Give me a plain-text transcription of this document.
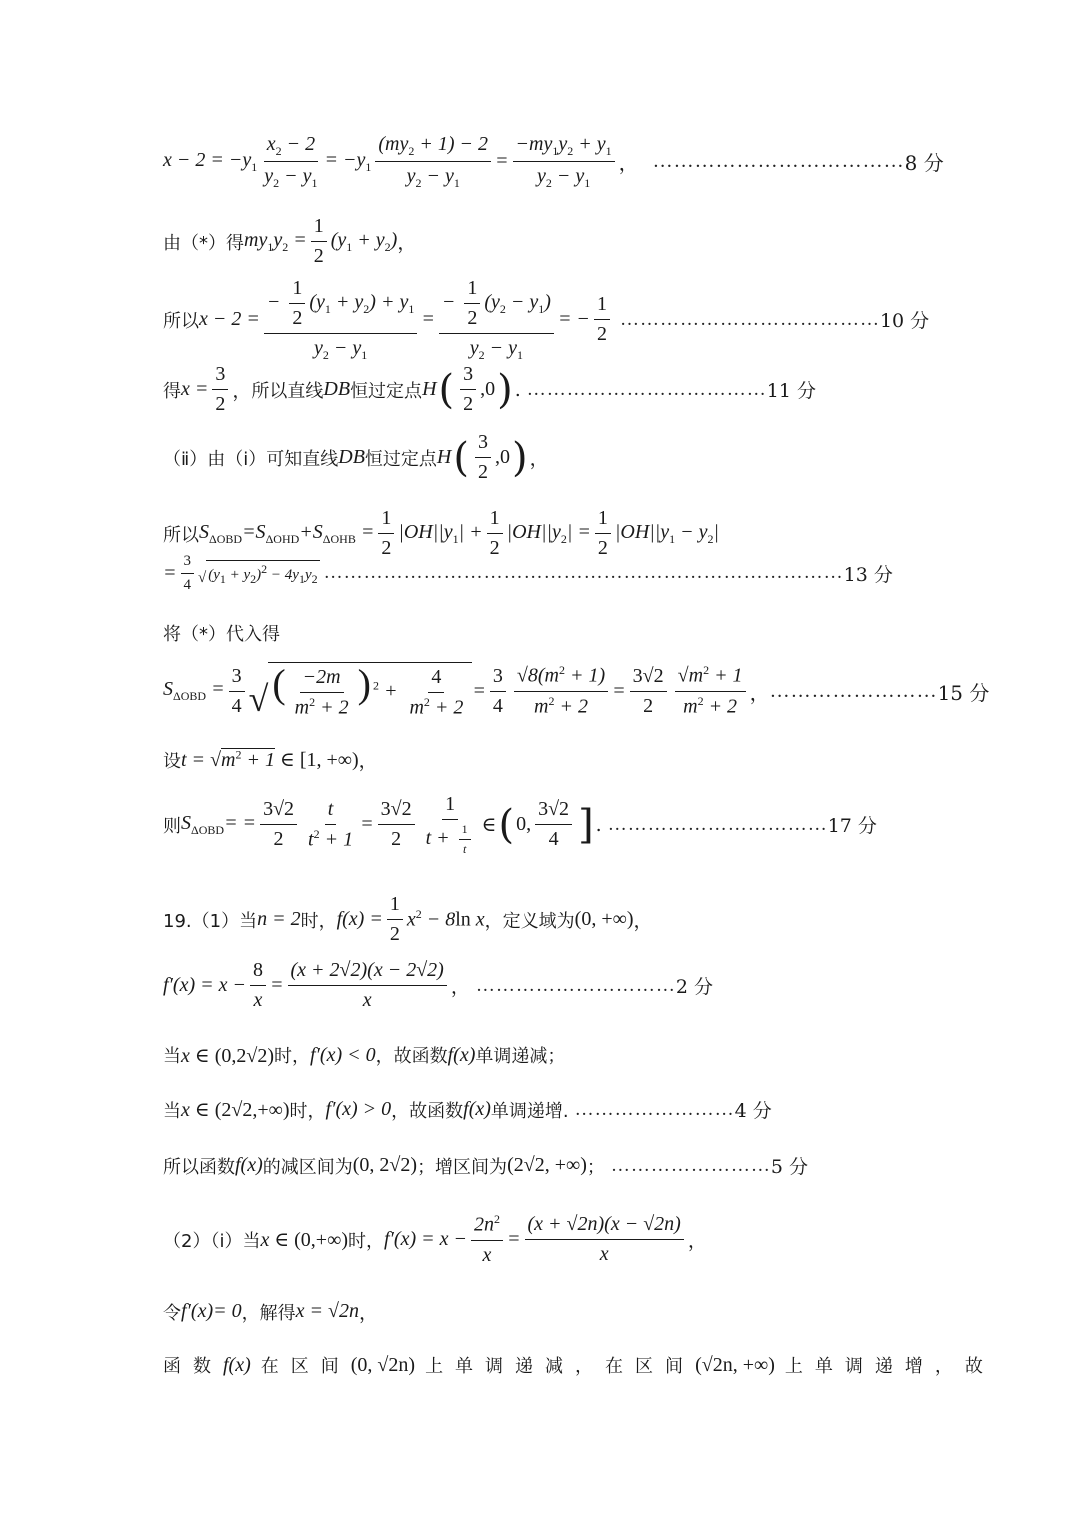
$x - 2 = -y_1 \frac{x_2 - 2}{y_2 - y_1} = -y_1 \frac{(my_2 + 1) - 2}{y_2 - y_1} = \frac{-my_1y_2 + y_1}{y_2 - y_1}$ ， ……………………………… 8 分
由（*）得 $my_1y_2 = \frac{1}{2} (y_1 + y_2)$ ，
所以 $x - 2 = \frac{- \frac{1}{2} (y_1 + y_2) + y_1}{y_2 - y_1} = \frac{- \frac{1}{2} (y_2 - y_1)}{y_2 - y_1}$ = − $\frac{1}{2}$ ………………………………… 10 分
得 $x = \frac{3}{2}$ ， 所以直线 DB 恒过定点 H ( $\frac{3}{2} ,0$ ) . ……………………………… 11 分
（ⅱ）由（ⅰ）可知直线 DB 恒过定点 H ( $\frac{3}{2} ,0$ ) ，
所以 $S_{\Delta OBD}=S_{\Delta OHD}+S_{\Delta OHB} = \frac{1}{2} |OH||y_1| + \frac{1}{2} |OH||y_2| = \frac{1}{2} |OH||y_1 - y_2|$
= $\frac{3}{4}$ √ $(y_1 + y_2)^2 - 4y_1y_2$ …………………………………………………………………… 13 分
将（*）代入得
$S_{\Delta OBD} = \frac{3}{4}$ √ ( $\frac{-2m}{m^2 + 2}$ ) $^2 + \frac{4}{m^2 + 2} = \frac{3}{4} \frac{√8(m^2 + 1)}{m^2 + 2} = \frac{3√2}{2} \frac{√m^2 + 1}{m^2 + 2}$ ， …………………… 15 分
设 $t = √m^2 + 1$ ∈ [1, +∞) ，
则 $S_{\Delta OBD}= = \frac{3√2}{2} \frac{t}{t^2 + 1} = \frac{3√2}{2} \frac{1}{t + \frac{1}{t}}$ ∈ ( 0, $\frac{3√2}{4}$ ] . …………………………… 17 分
19.（1）当 n = 2 时， $f(x) = \frac{1}{2} x^2 - 8\ln$ x ，定义域为 (0, +∞) ，
$f'(x) = x - \frac{8}{x} = \frac{(x + 2√2)(x - 2√2)}{x}$ ， ………………………… 2 分
当 x ∈ (0,2√2) 时， f′(x) < 0 ，故函数 f(x) 单调递减；
当 x ∈ (2√2,+∞) 时， f′(x) > 0 ，故函数 f(x) 单调递增. …………………… 4 分
所以函数 f(x) 的减区间为 (0, 2√2) ；增区间为 (2√2, +∞) ； …………………… 5 分
（2）（ⅰ）当 x ∈ (0,+∞) 时， $f'(x) = x - \frac{2n^2}{x} = \frac{(x + √2n)(x - √2n)}{x}$ ，
令 f′(x)= 0 ，解得 x = √2n ，
函数 f(x) 在区间 (0, √2n) 上单调递减，在区间 (√2n, +∞) 上单调递增，故
